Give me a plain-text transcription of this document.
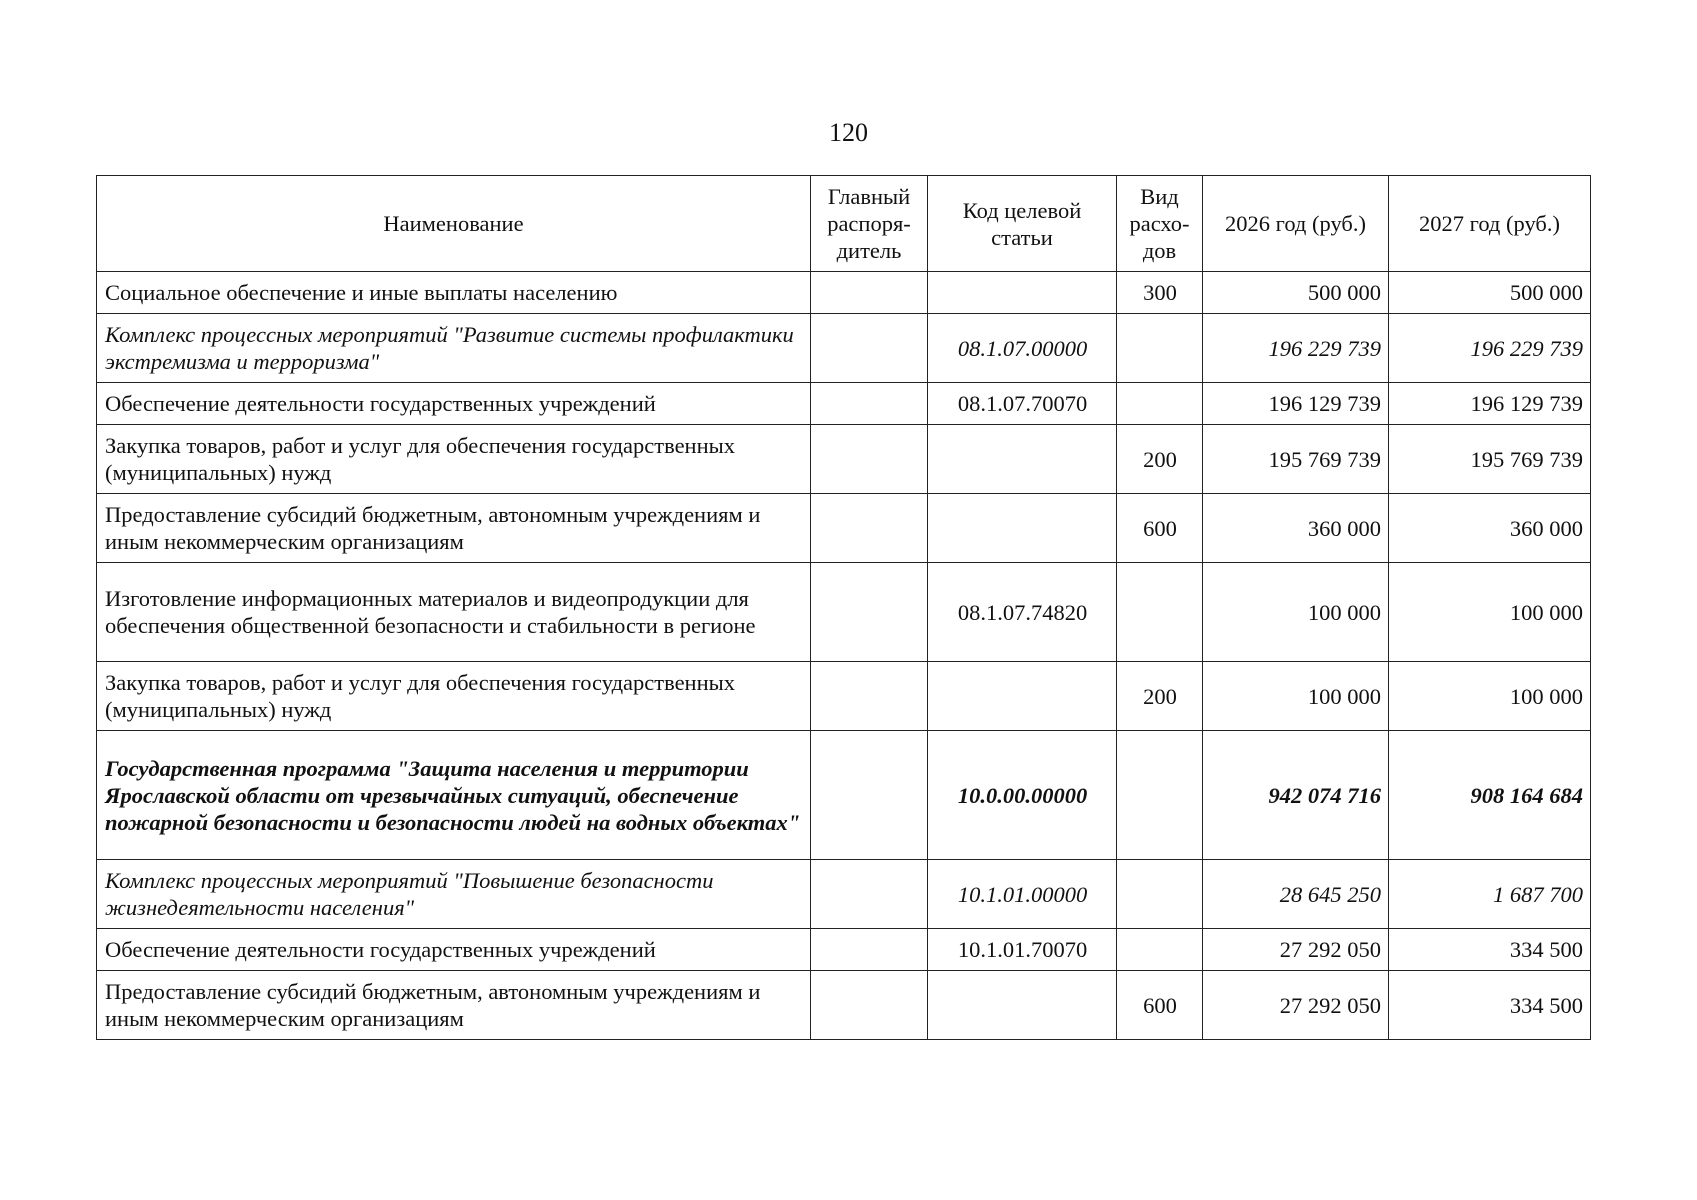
120
Наименование	Главный распоря-дитель	Код целевой статьи	Вид расхо-дов	2026 год (руб.)	2027 год (руб.)
Социальное обеспечение и иные выплаты населению			300	500 000	500 000
Комплекс процессных мероприятий "Развитие системы профилактики экстремизма и терроризма"		08.1.07.00000		196 229 739	196 229 739
Обеспечение деятельности государственных учреждений		08.1.07.70070		196 129 739	196 129 739
Закупка товаров, работ и услуг для обеспечения государственных (муниципальных) нужд			200	195 769 739	195 769 739
Предоставление субсидий бюджетным, автономным учреждениям и иным некоммерческим организациям			600	360 000	360 000
Изготовление информационных материалов и видеопродукции для обеспечения общественной безопасности и стабильности в регионе		08.1.07.74820		100 000	100 000
Закупка товаров, работ и услуг для обеспечения государственных (муниципальных) нужд			200	100 000	100 000
Государственная программа "Защита населения и территории Ярославской области от чрезвычайных ситуаций, обеспечение пожарной безопасности и безопасности людей на водных объектах"		10.0.00.00000		942 074 716	908 164 684
Комплекс процессных мероприятий "Повышение безопасности жизнедеятельности населения"		10.1.01.00000		28 645 250	1 687 700
Обеспечение деятельности государственных учреждений		10.1.01.70070		27 292 050	334 500
Предоставление субсидий бюджетным, автономным учреждениям и иным некоммерческим организациям			600	27 292 050	334 500
